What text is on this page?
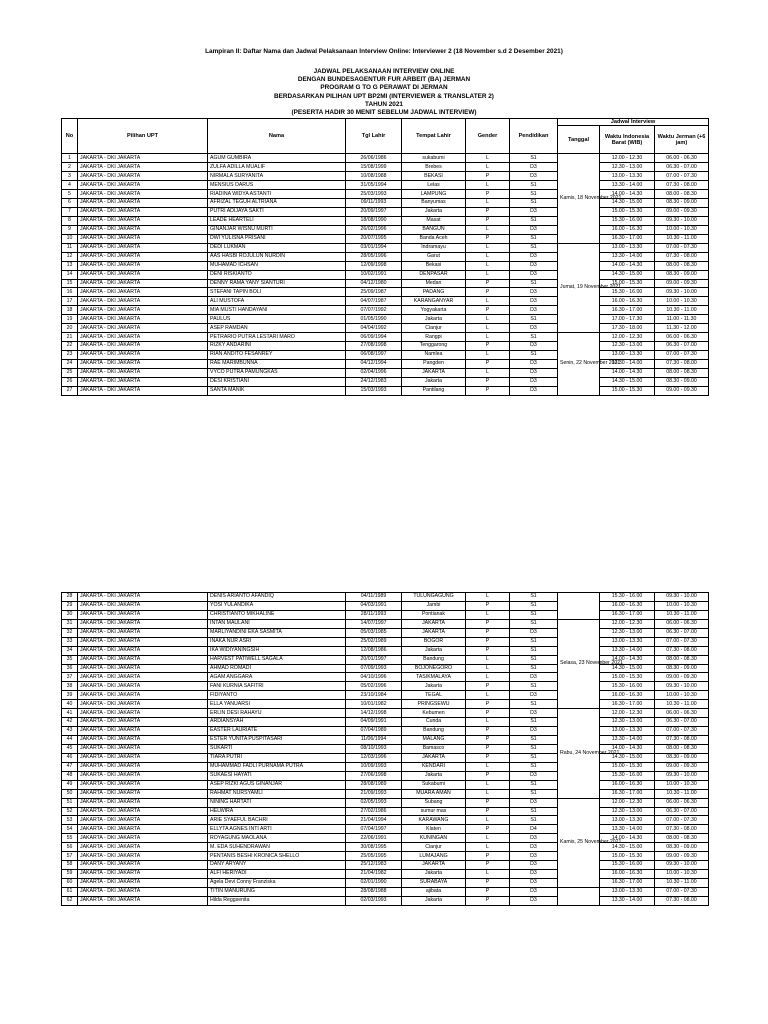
Lampiran II: Daftar Nama dan Jadwal Pelaksanaan Interview Online: Interviewer 2 (18 November s.d 2 Desember 2021)
JADWAL PELAKSANAAN INTERVIEW ONLINE
DENGAN BUNDESAGENTUR FUR ARBEIT (BA) JERMAN
PROGRAM G TO G PERAWAT DI JERMAN
BERDASARKAN PILIHAN UPT BP2MI (INTERVIEWER & TRANSLATER 2)
TAHUN 2021
(PESERTA HADIR 30 MENIT SEBELUM JADWAL INTERVIEW)
No	Pilihan UPT	Nama	Tgl Lahir	Tempat Lahir	Gender	Pendidikan	Jadwal Interview		
							Tanggal	Waktu Indonesia Barat (WIB)	Waktu Jerman (+6 jam)
1	JAKARTA - DKI JAKARTA	AGUM GUMBIRA	26/06/1986	sukabumi	L	S1	Kamis, 18 November 2021	12.00 - 12.30	06.00 - 06.30
2	JAKARTA - DKI JAKARTA	ZULFA ADILLA MUALIF	15/08/1999	Brebes	L	D3		12.30 - 13.00	06.30 - 07.00
3	JAKARTA - DKI JAKARTA	NIRMALA SURYANITA	10/08/1988	BEKASI	P	D3		13.00 - 13.30	07.00 - 07.30
4	JAKARTA - DKI JAKARTA	MENSIUS DARUS	31/05/1994	Lelas	L	S1		13.30 - 14.00	07.30 - 08.00
5	JAKARTA - DKI JAKARTA	RIADINA WIDYA ASTANTI	25/03/1993	LAMPUNG	P	S1		14.00 - 14.30	08.00 - 08.30
6	JAKARTA - DKI JAKARTA	AFRIZAL TEGUH ALTRIANA	09/11/1993	Banyumas	L	S1		14.30 - 15.00	08.30 - 09.00
7	JAKARTA - DKI JAKARTA	PUTRI ADIJAYA SAKTI	20/09/1997	Jakarta	P	D3		15.00 - 15.30	09.00 - 09.30
8	JAKARTA - DKI JAKARTA	LEADE HEARTELI	18/08/1990	Masat	P	S1		15.30 - 16.00	09.30 - 10.00
9	JAKARTA - DKI JAKARTA	GINANJAR WISNU MURTI	26/02/1996	BANGUN	L	D3		16.00 - 16.30	10.00 - 10.30
10	JAKARTA - DKI JAKARTA	DWI YULISNA PRISANI	20/07/1995	Banda Aceh	P	S1		16.30 - 17.00	10.30 - 11.00
11	JAKARTA - DKI JAKARTA	DEDI LUKMAN	03/01/1994	Indramayu	L	S1	Jumat, 19 November 2021	13.00 - 13.30	07.00 - 07.30
12	JAKARTA - DKI JAKARTA	AAS HASBI ROJULUN NURDIN	28/05/1996	Garut	L	D3		13.30 - 14.00	07.30 - 08.00
13	JAKARTA - DKI JAKARTA	MUHAMAD ICHSAN	12/09/1998	Bekasi	L	D3		14.00 - 14.30	08.00 - 08.30
14	JAKARTA - DKI JAKARTA	DENI RISKIANTO	10/02/1991	DENPASAR	L	D3		14.30 - 15.00	08.30 - 09.00
15	JAKARTA - DKI JAKARTA	DENNY RAMA YANY SIANTURI	04/12/1980	Medan	P	S1		15.00 - 15.30	09.00 - 09.30
16	JAKARTA - DKI JAKARTA	STEFANI TAPIN BOLI	25/09/1987	PADANG	P	D3		15.30 - 16.00	09.30 - 10.00
17	JAKARTA - DKI JAKARTA	ALI MUSTOFA	04/07/1987	KARANGANYAR	L	D3		16.00 - 16.30	10.00 - 10.30
18	JAKARTA - DKI JAKARTA	MIA MUSTI HANDAYANI	07/07/1992	Yogyakarta	P	D3		16.30 - 17.00	10.30 - 11.00
19	JAKARTA - DKI JAKARTA	PAULUS	01/05/1990	Jakarta	L	S1		17.00 - 17.30	11.00 - 11.30
20	JAKARTA - DKI JAKARTA	ASEP RAMDAN	04/04/1992	Cianjur	L	D3		17.30 - 18.00	11.30 - 12.00
21	JAKARTA - DKI JAKARTA	PETRARIO PUTRA LESTARI MARO	06/09/1994	Rangpi	L	S1	Senin, 22 November 2021	12.00 - 12.30	06.00 - 06.30
22	JAKARTA - DKI JAKARTA	RIZKY ANDARINI	27/08/1998	Tenggarong	P	D3		12.30 - 13.00	06.30 - 07.00
23	JAKARTA - DKI JAKARTA	RIAN ANDITO FESANREY	06/08/1997	Namlea	L	S1		13.00 - 13.30	07.00 - 07.30
24	JAKARTA - DKI JAKARTA	RAE MARIMBUNNA	04/12/1994	Pangden	P	D3		13.30 - 14.00	07.30 - 08.00
25	JAKARTA - DKI JAKARTA	VYCO PUTRA PAMUNGKAS	02/04/1996	JAKARTA	L	D3		14.00 - 14.30	08.00 - 08.30
26	JAKARTA - DKI JAKARTA	DESI KRISTIANI	24/12/1983	Jakarta	P	D3		14.30 - 15.00	08.30 - 09.00
27	JAKARTA - DKI JAKARTA	SANTA MANIK	15/03/1993	Pantilang	P	D3		15.00 - 15.30	09.00 - 09.30
28	JAKARTA - DKI JAKARTA	DENIS ARIANTO AFANDIQ	04/11/1989	TULUNGAGUNG	L	S1		15.30 - 16.00	09.30 - 10.00
29	JAKARTA - DKI JAKARTA	YOSI YULANDIKA	04/03/1991	Jambi	P	S1		16.00 - 16.30	10.00 - 10.30
30	JAKARTA - DKI JAKARTA	CHRISTIANTO MIKHALINE	28/11/1993	Pontianak	L	S1		16.30 - 17.00	10.30 - 11.00
31	JAKARTA - DKI JAKARTA	INTAN MAULANI	14/07/1997	JAKARTA	P	S1	Selasa, 23 November 2021	12.00 - 12.30	06.00 - 06.30
32	JAKARTA - DKI JAKARTA	MARLIYANDINI EKA SASMITA	05/03/1985	JAKARTA	P	D3		12.30 - 13.00	06.30 - 07.00
33	JAKARTA - DKI JAKARTA	INAKA NUR ASRI	25/02/1989	BOGOR	P	S1		13.00 - 13.30	07.00 - 07.30
34	JAKARTA - DKI JAKARTA	IKA WIDIYANINGSIH	12/08/1986	Jakarta	P	S1		13.30 - 14.00	07.30 - 08.00
35	JAKARTA - DKI JAKARTA	HARVEST PATIWELL SAGALA	20/01/1997	Bandung	L	S1		14.00 - 14.30	08.00 - 08.30
36	JAKARTA - DKI JAKARTA	AHMAD ROMADI	07/09/1993	BOJONEGORO	L	S1		14.30 - 15.00	08.30 - 09.00
37	JAKARTA - DKI JAKARTA	AGAM ANGGARA	04/10/1996	TASIKMALAYA	L	D3		15.00 - 15.30	09.00 - 09.30
38	JAKARTA - DKI JAKARTA	FANI KURNIA SAFITRI	05/02/1996	Jakarta	P	S1		15.30 - 16.00	09.30 - 10.00
39	JAKARTA - DKI JAKARTA	FIDIYANTO	23/10/1984	TEGAL	L	D3		16.00 - 16.30	10.00 - 10.30
40	JAKARTA - DKI JAKARTA	ELLA YANUARSI	10/01/1982	PRINGSEWU	P	S1		16.30 - 17.00	10.30 - 11.00
41	JAKARTA - DKI JAKARTA	ERLIN DESI RAHAYU	14/12/1998	Kebumen	P	D3	Rabu, 24 November 2021	12.00 - 12.30	06.00 - 06.30
42	JAKARTA - DKI JAKARTA	ARDIANSYAH	04/09/1991	Cunda	L	S1		12.30 - 13.00	06.30 - 07.00
43	JAKARTA - DKI JAKARTA	EASTER LAURIATE	07/04/1989	Bandung	P	D3		13.00 - 13.30	07.00 - 07.30
44	JAKARTA - DKI JAKARTA	ESTER YUNITA PUSPITASARI	11/06/1994	MALANG	P	S1		13.30 - 14.00	07.30 - 08.00
45	JAKARTA - DKI JAKARTA	SUKARTI	08/10/1993	Bamasco	P	S1		14.00 - 14.30	08.00 - 08.30
46	JAKARTA - DKI JAKARTA	TIARA PUTRI	12/03/1996	JAKARTA	P	S1		14.30 - 15.00	08.30 - 09.00
47	JAKARTA - DKI JAKARTA	MUHAMMAD FADLI PURNAMA PUTRA	10/09/1993	KENDARI	L	S1		15.00 - 15.30	09.00 - 09.30
48	JAKARTA - DKI JAKARTA	SUKAESI HAYATI	27/06/1998	Jakarta	P	D3		15.30 - 16.00	09.30 - 10.00
49	JAKARTA - DKI JAKARTA	ASEP RIZKI AGUS GINANJAR	28/08/1989	Sukabumi	L	S1		16.00 - 16.30	10.00 - 10.30
50	JAKARTA - DKI JAKARTA	RAHMAT NURSYAMLI	21/09/1993	MUARA AMAN	L	S1		16.30 - 17.00	10.30 - 11.00
51	JAKARTA - DKI JAKARTA	NINING HARTATI	02/05/1993	Subang	P	D3	Kamis, 25 November 2021	12.00 - 12.30	06.00 - 06.30
52	JAKARTA - DKI JAKARTA	HELWIRA	27/02/1986	sumur mas	P	S1		12.30 - 13.00	06.30 - 07.00
53	JAKARTA - DKI JAKARTA	ARIE SYAEFUL BACHRI	21/04/1994	KARAWANG	L	S1		13.00 - 13.30	07.00 - 07.30
54	JAKARTA - DKI JAKARTA	ELLYTA AGNES INTI ARTI	07/04/1997	Klaten	P	D4		13.30 - 14.00	07.30 - 08.00
55	JAKARTA - DKI JAKARTA	ROYAGUNG MAOLANA	22/06/1991	KUNINGAN	L	D3		14.00 - 14.30	08.00 - 08.30
56	JAKARTA - DKI JAKARTA	M. EDA SUHENDRAWAN	30/08/1995	Cianjur	L	D3		14.30 - 15.00	08.30 - 09.00
57	JAKARTA - DKI JAKARTA	PENTANIS BESHI KRONICA SHELLO	25/05/1995	LUMAJANG	P	D3		15.00 - 15.30	09.00 - 09.30
58	JAKARTA - DKI JAKARTA	DANY ARYANY	25/12/1983	JAKARTA	P	D3		15.30 - 16.00	09.30 - 10.00
59	JAKARTA - DKI JAKARTA	ALFI HERIYADI	21/04/1982	Jakarta	L	D3		16.00 - 16.30	10.00 - 10.30
60	JAKARTA - DKI JAKARTA	Agela Devi Conny Franziska	02/01/1990	SURABAYA	P	D3		16.30 - 17.00	10.30 - 11.00
61	JAKARTA - DKI JAKARTA	TITIN MANURUNG	28/08/1988	ajibata	P	D3		13.00 - 13.30	07.00 - 07.30
62	JAKARTA - DKI JAKARTA	Hilda Reggsenita	02/03/1993	Jakarta	P	D3		13.30 - 14.00	07.30 - 08.00
